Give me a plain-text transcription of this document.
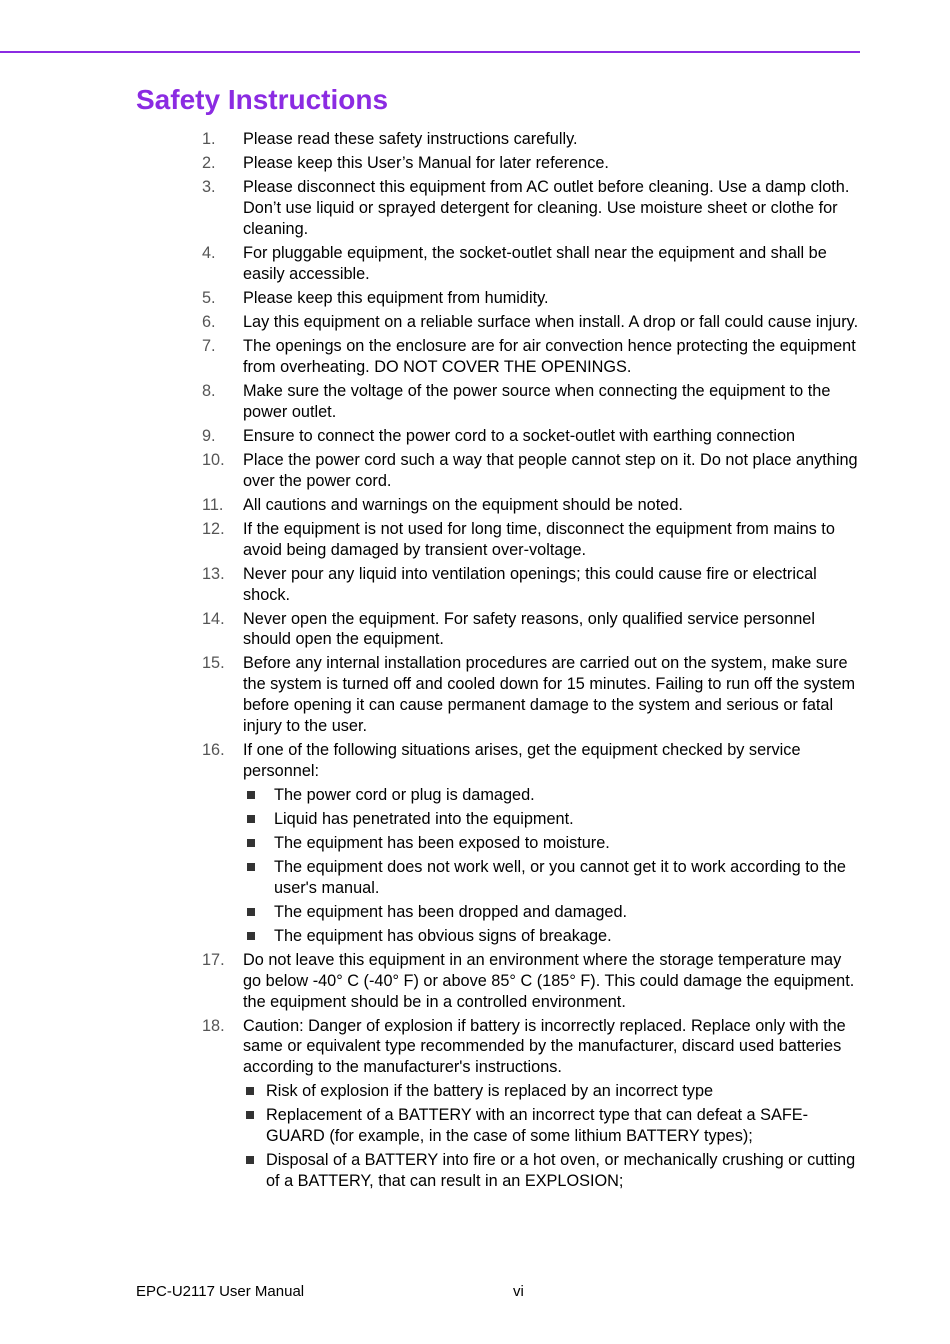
Safety Instructions
1. Please read these safety instructions carefully.
2. Please keep this User’s Manual for later reference.
3. Please disconnect this equipment from AC outlet before cleaning. Use a damp cloth. Don’t use liquid or sprayed detergent for cleaning. Use moisture sheet or clothe for cleaning.
4. For pluggable equipment, the socket-outlet shall near the equipment and shall be easily accessible.
5. Please keep this equipment from humidity.
6. Lay this equipment on a reliable surface when install. A drop or fall could cause injury.
7. The openings on the enclosure are for air convection hence protecting the equipment from overheating. DO NOT COVER THE OPENINGS.
8. Make sure the voltage of the power source when connecting the equipment to the power outlet.
9. Ensure to connect the power cord to a socket-outlet with earthing connection
10. Place the power cord such a way that people cannot step on it. Do not place anything over the power cord.
11. All cautions and warnings on the equipment should be noted.
12. If the equipment is not used for long time, disconnect the equipment from mains to avoid being damaged by transient over-voltage.
13. Never pour any liquid into ventilation openings; this could cause fire or electrical shock.
14. Never open the equipment. For safety reasons, only qualified service personnel should open the equipment.
15. Before any internal installation procedures are carried out on the system, make sure the system is turned off and cooled down for 15 minutes. Failing to run off the system before opening it can cause permanent damage to the system and serious or fatal injury to the user.
16. If one of the following situations arises, get the equipment checked by service personnel:
The power cord or plug is damaged.
Liquid has penetrated into the equipment.
The equipment has been exposed to moisture.
The equipment does not work well, or you cannot get it to work according to the user's manual.
The equipment has been dropped and damaged.
The equipment has obvious signs of breakage.
17. Do not leave this equipment in an environment where the storage temperature may go below -40° C (-40° F) or above 85° C (185° F). This could damage the equipment. the equipment should be in a controlled environment.
18. Caution: Danger of explosion if battery is incorrectly replaced. Replace only with the same or equivalent type recommended by the manufacturer, discard used batteries according to the manufacturer's instructions.
Risk of explosion if the battery is replaced by an incorrect type
Replacement of a BATTERY with an incorrect type that can defeat a SAFE-GUARD (for example, in the case of some lithium BATTERY types);
Disposal of a BATTERY into fire or a hot oven, or mechanically crushing or cutting of a BATTERY, that can result in an EXPLOSION;
EPC-U2117 User Manual	vi
